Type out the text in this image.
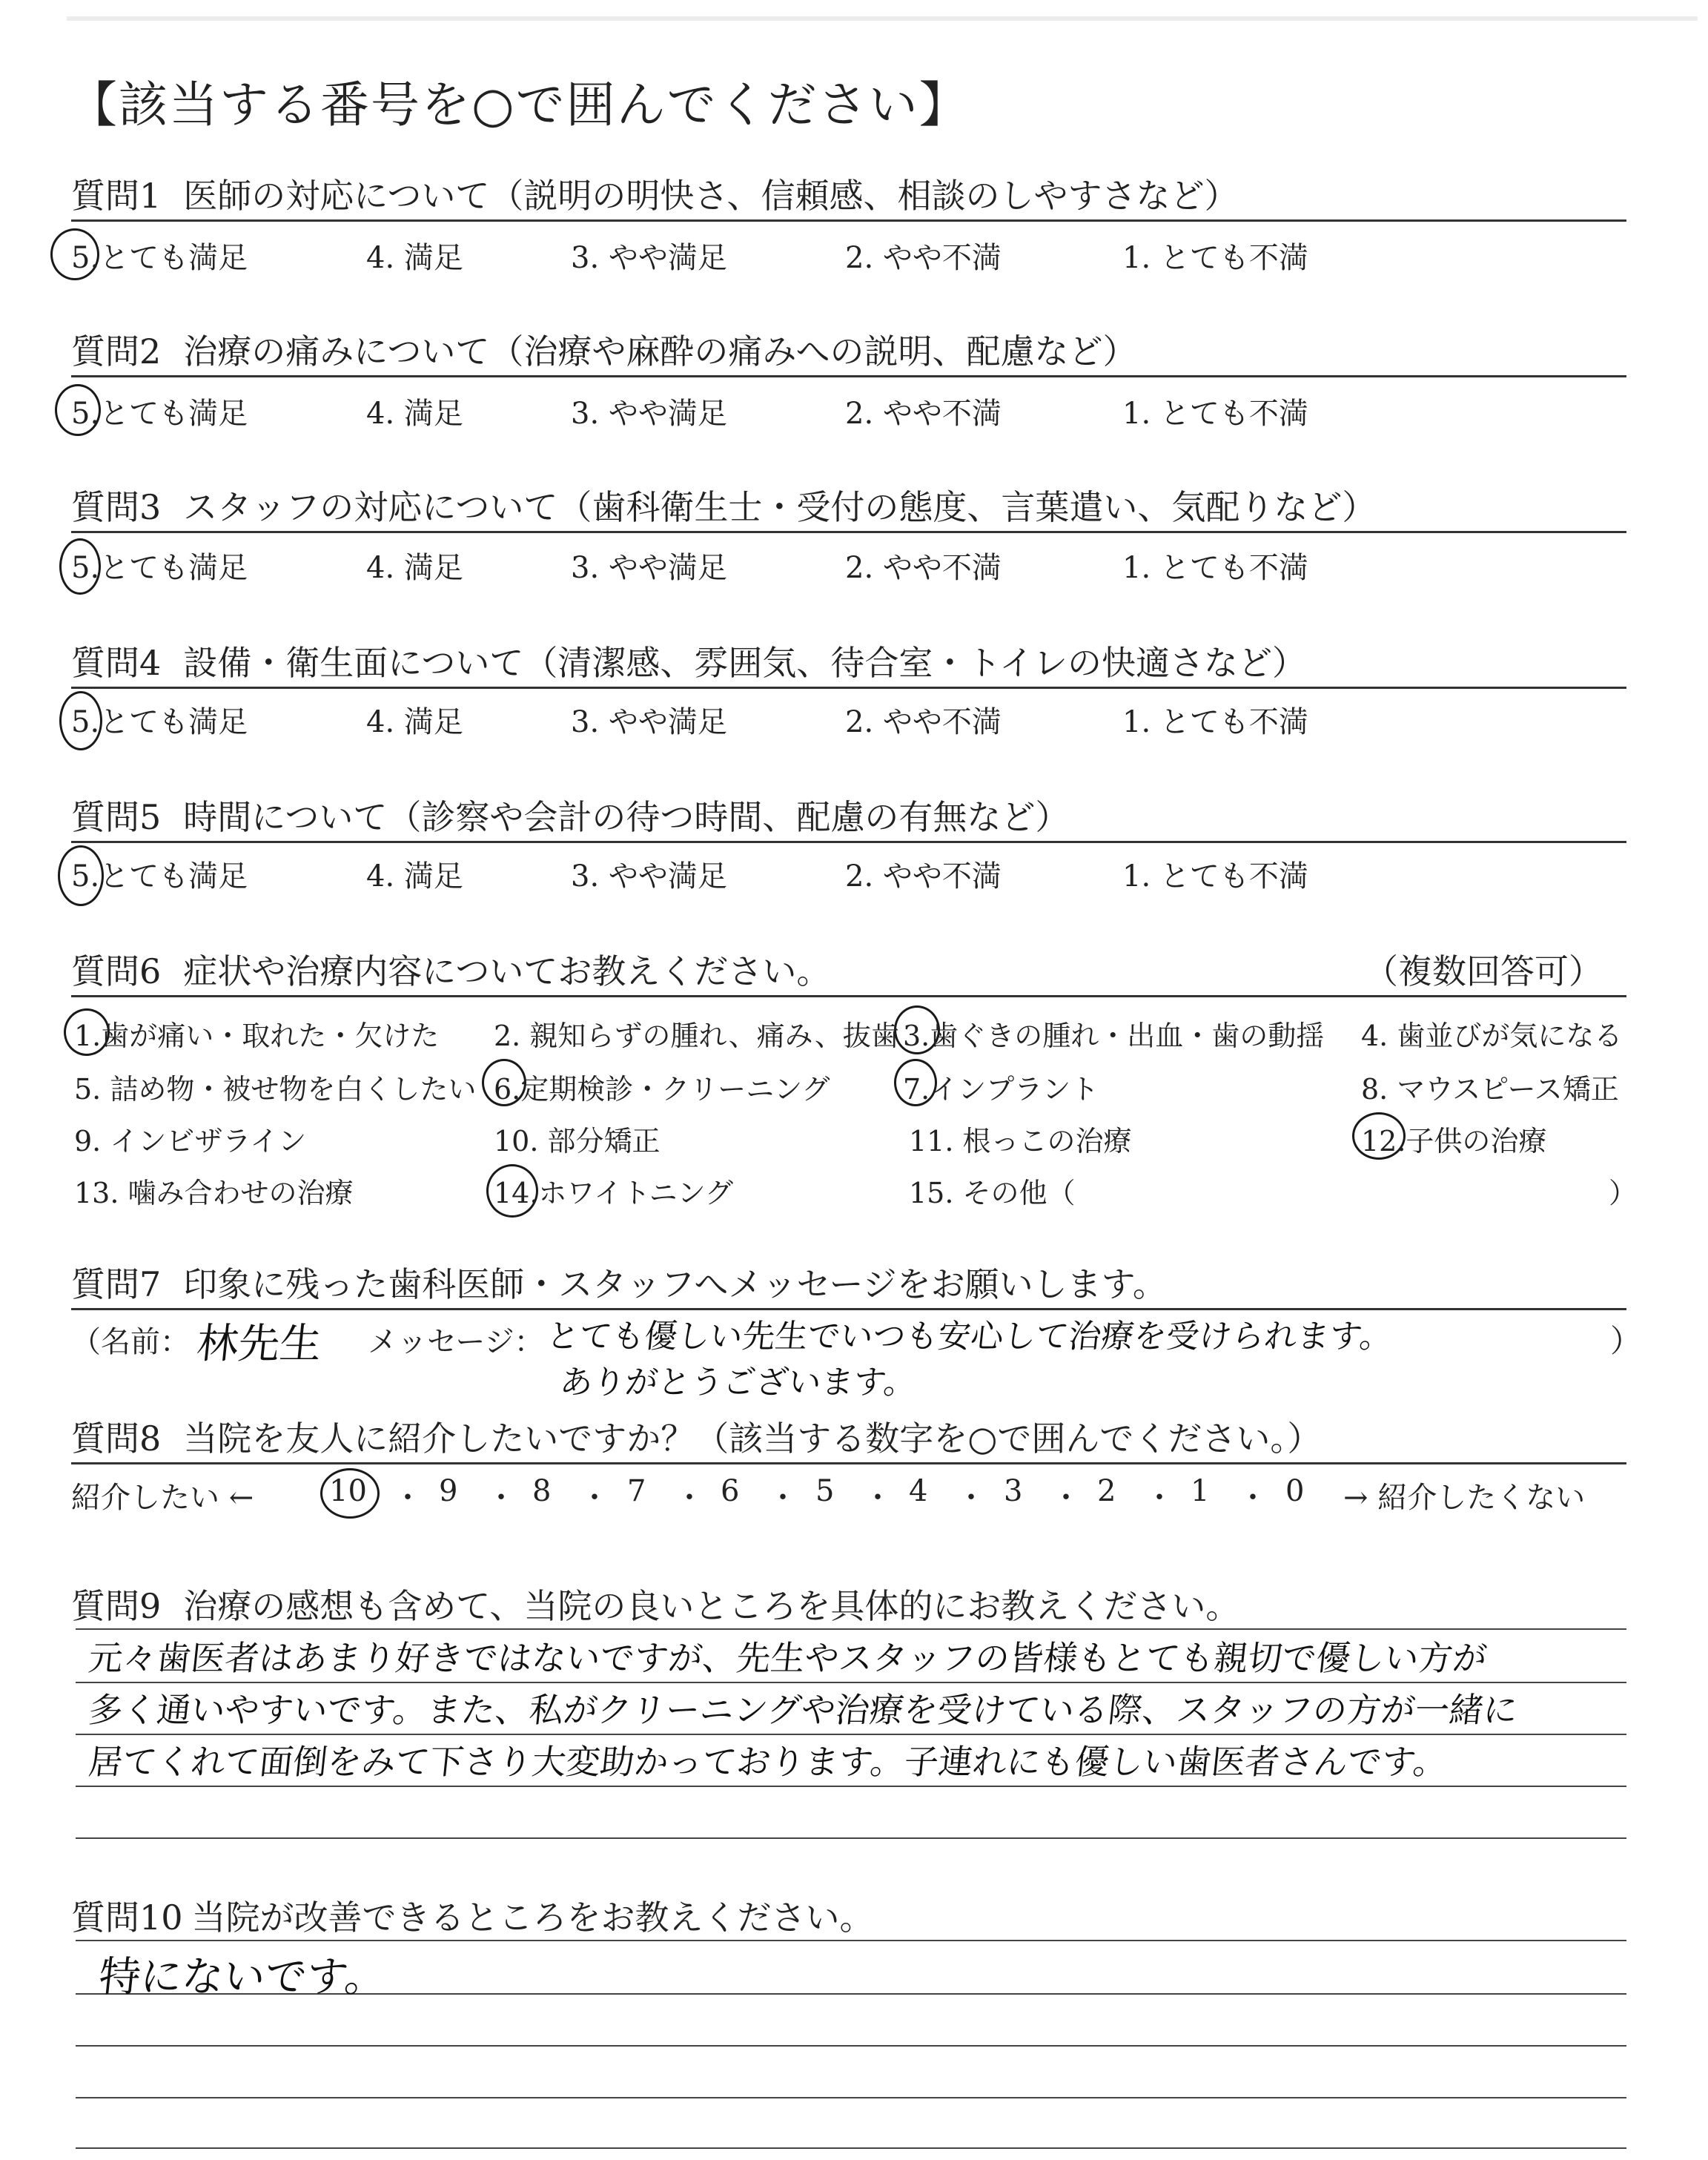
【該当する番号を○で囲んでください】
質問1 医師の対応について（説明の明快さ、信頼感、相談のしやすさなど）
5.とても満足	4. 満足	3. やや満足	2. やや不満	1. とても不満
質問2 治療の痛みについて（治療や麻酔の痛みへの説明、配慮など）
5.とても満足	4. 満足	3. やや満足	2. やや不満	1. とても不満
質問3 スタッフの対応について（歯科衛生士・受付の態度、言葉遣い、気配りなど）
5.とても満足	4. 満足	3. やや満足	2. やや不満	1. とても不満
質問4 設備・衛生面について（清潔感、雰囲気、待合室・トイレの快適さなど）
5.とても満足	4. 満足	3. やや満足	2. やや不満	1. とても不満
質問5 時間について（診察や会計の待つ時間、配慮の有無など）
5.とても満足	4. 満足	3. やや満足	2. やや不満	1. とても不満
質問6 症状や治療内容についてお教えください。	（複数回答可）
1.歯が痛い・取れた・欠けた 2. 親知らずの腫れ、痛み、抜歯 3.歯ぐきの腫れ・出血・歯の動揺 4. 歯並びが気になる
5. 詰め物・被せ物を白くしたい 6.定期検診・クリーニング	7.インプラント	8. マウスピース矯正
9. インビザライン	10. 部分矯正	11. 根っこの治療	12.子供の治療
13. 噛み合わせの治療	14.ホワイトニング	15. その他（	）
質問7 印象に残った歯科医師・スタッフへメッセージをお願いします。
（名前： 林先生 メッセージ： とても優しい先生でいつも安心して治療を受けられます。
ありがとうございます。
）
質問8 当院を友人に紹介したいですか？（該当する数字を○で囲んでください。）
紹介したい ←	10 ・ 9 ・ 8 ・ 7 ・ 6 ・ 5 ・ 4 ・ 3 ・ 2 ・ 1 ・ 0 → 紹介したくない
質問9 治療の感想も含めて、当院の良いところを具体的にお教えください。
元々歯医者はあまり好きではないですが、先生やスタッフの皆様もとても親切で優しい方が
多く通いやすいです。また、私がクリーニングや治療を受けている際、スタッフの方が一緒に
居てくれて面倒をみて下さり大変助かっております。子連れにも優しい歯医者さんです。
質問10 当院が改善できるところをお教えください。
特にないです。
